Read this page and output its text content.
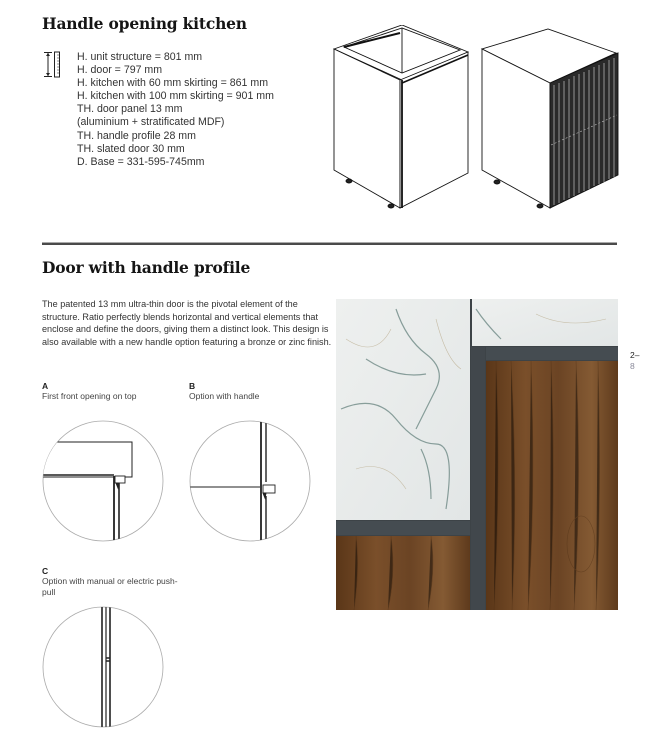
Handle opening kitchen
H. unit structure = 801 mm
H. door = 797 mm
H. kitchen with 60 mm skirting = 861 mm
H. kitchen with 100 mm skirting = 901 mm
TH. door panel 13 mm
(aluminium + stratificated MDF)
TH. handle profile 28 mm
TH. slated door 30 mm
D. Base = 331-595-745mm
Door with handle profile
The patented 13 mm ultra-thin door is the pivotal element of the structure. Ratio perfectly blends horizontal and vertical elements that enclose and define the doors, giving them a distinct look. This design is also available with a new handle option featuring a bronze or zinc finish.
A
First front opening on top
B
Option with handle
C
Option with manual or electric push-pull
2–
8
